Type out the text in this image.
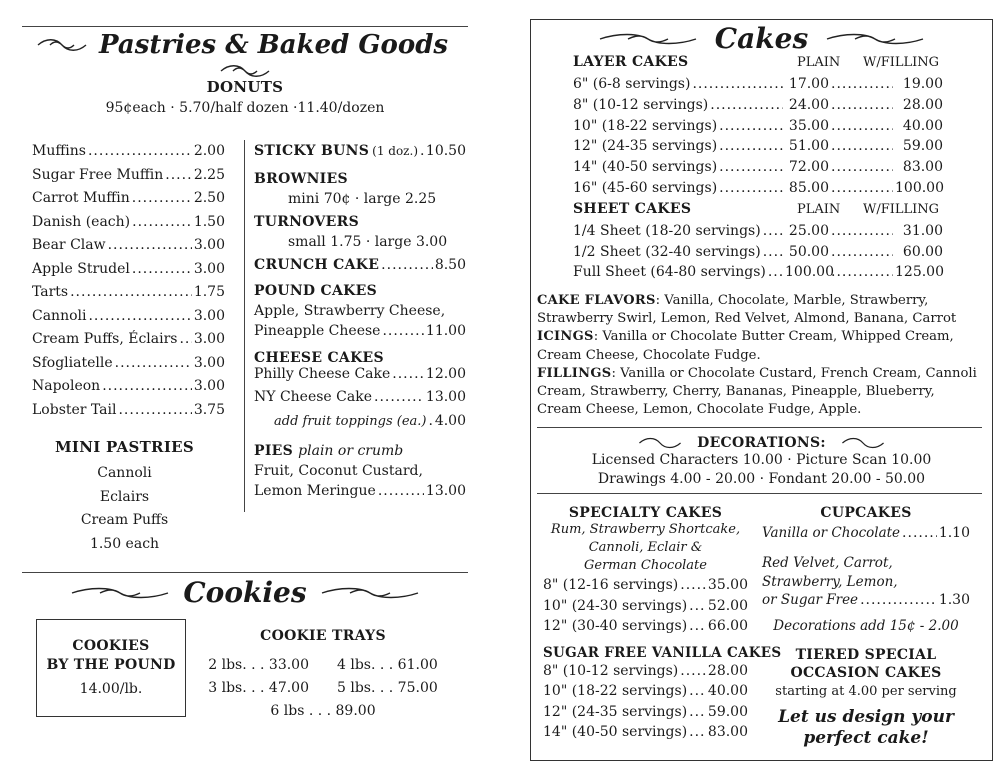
Pastries & Baked Goods
DONUTS
95¢each · 5.70/half dozen ·11.40/dozen
Muffins .....	2.00
Sugar Free Muffin ..... 2.25
Carrot Muffin .....	2.50
Danish (each) .....	1.50
Bear Claw .....	3.00
Apple Strudel .....	3.00
Tarts .....	1.75
Cannoli .....	3.00
Cream Puffs, Éclairs ..... 3.00
Sfogliatelle .....	3.00
Napoleon .....	3.00
Lobster Tail .....	3.75
MINI PASTRIES
Cannoli
Eclairs
Cream Puffs
1.50 each
STICKY BUNS (1 doz.) ..... 10.50
BROWNIES
mini 70¢ · large 2.25
TURNOVERS
small 1.75 · large 3.00
CRUNCH CAKE .....	8.50
POUND CAKES
Apple, Strawberry Cheese,
Pineapple Cheese .....	11.00
CHEESE CAKES
Philly Cheese Cake .....	12.00
NY Cheese Cake .....	13.00
add fruit toppings (ea.) ..... 4.00
PIES plain or crumb
Fruit, Coconut Custard,
Lemon Meringue .....	13.00
Cookies
COOKIES
BY THE POUND
14.00/lb.
COOKIE TRAYS
2 lbs. . . 33.00 4 lbs. . . 61.00
3 lbs. . . 47.00 5 lbs. . . 75.00
6 lbs . . . 89.00
Cakes
LAYER CAKES	PLAIN	W/FILLING
6" (6-8 servings) .....	17.00 .....	19.00
8" (10-12 servings) .....	24.00 .....	28.00
10" (18-22 servings) .....	35.00 .....	40.00
12" (24-35 servings) .....	51.00 .....	59.00
14" (40-50 servings) .....	72.00 .....	83.00
16" (45-60 servings) .....	85.00 .....	100.00
SHEET CAKES	PLAIN	W/FILLING
1/4 Sheet (18-20 servings) ..... 25.00 .....	31.00
1/2 Sheet (32-40 servings) ..... 50.00 .....	60.00
Full Sheet (64-80 servings) ..... 100.00 .....	125.00
CAKE FLAVORS: Vanilla, Chocolate, Marble, Strawberry, Strawberry Swirl, Lemon, Red Velvet, Almond, Banana, Carrot
ICINGS: Vanilla or Chocolate Butter Cream, Whipped Cream, Cream Cheese, Chocolate Fudge.
FILLINGS: Vanilla or Chocolate Custard, French Cream, Cannoli Cream, Strawberry, Cherry, Bananas, Pineapple, Blueberry, Cream Cheese, Lemon, Chocolate Fudge, Apple.
DECORATIONS:
Licensed Characters 10.00 · Picture Scan 10.00
Drawings 4.00 - 20.00 · Fondant 20.00 - 50.00
SPECIALTY CAKES
Rum, Strawberry Shortcake,
Cannoli, Eclair &
German Chocolate
8" (12-16 servings) ..... 35.00
10" (24-30 servings) ..... 52.00
12" (30-40 servings) ..... 66.00
SUGAR FREE VANILLA CAKES
8" (10-12 servings) ..... 28.00
10" (18-22 servings) ..... 40.00
12" (24-35 servings) ..... 59.00
14" (40-50 servings) ..... 83.00
CUPCAKES
Vanilla or Chocolate .....	1.10
Red Velvet, Carrot,
Strawberry, Lemon,
or Sugar Free .....	1.30
Decorations add 15¢ - 2.00
TIERED SPECIAL
OCCASION CAKES
starting at 4.00 per serving
Let us design your
perfect cake!
